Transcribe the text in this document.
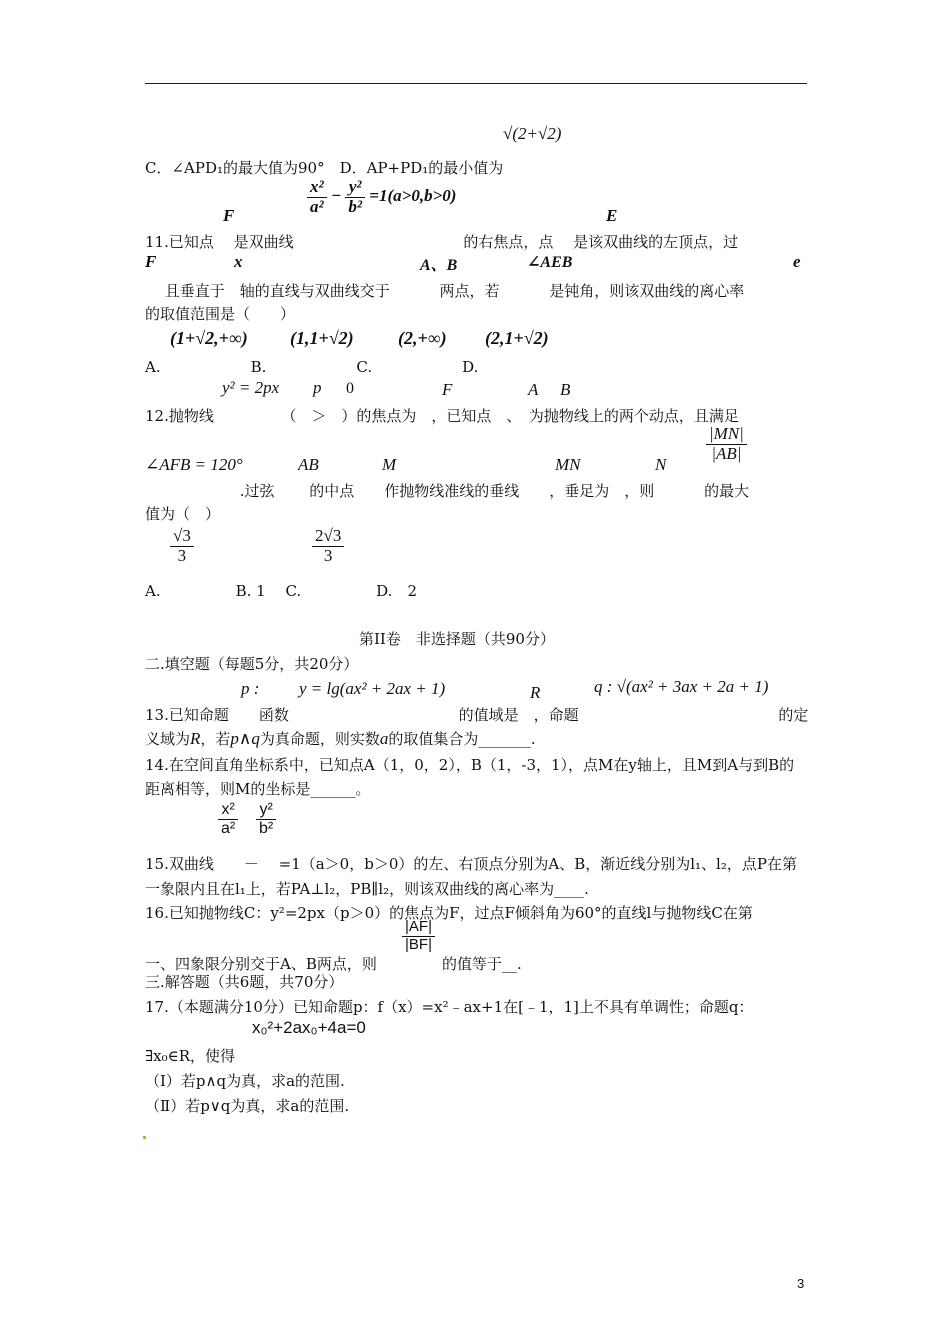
√(2+√2)
C．∠APD₁的最大值为90°　D．AP+PD₁的最小值为
$\frac{\text{x²}}{\text{a²}} - \frac{\text{y²}}{\text{b²}} =1(a>0,b>0)$
F	E
11.已知点　 是双曲线　　　　　　　　　　　 的右焦点，点　 是该双曲线的左顶点，过
F	x	A、B	∠AEB	e
　 且垂直于　轴的直线与双曲线交于　　　 两点，若　　　 是钝角，则该双曲线的离心率
的取值范围是（　　）
(1+√2,+∞) (1,1+√2) (2,+∞) (2,1+√2)
A.　　　　　　B.　　　　　　C.　　　　　　D.
y² = 2px p 0	F	A B
12.抛物线　　　　　（　＞　）的焦点为　，已知点　、　为抛物线上的两个动点，且满足
$\frac{|MN|}{|AB|}$
∠AFB = 120°	AB	M	MN	N
　　　　　　 .过弦　　 的中点　　作抛物线准线的垂线　　，垂足为　，则　　　 的最大
值为（　）
$\frac{√3}{3}$	$\frac{2√3}{3}$
A.　　　　　B. 1　 C.　　　　　D.　2
第II卷　非选择题（共90分）
二.填空题（每题5分，共20分）
p : y = lg(ax² + 2ax + 1)	R	q : √(ax² + 3ax + 2a + 1)
13.已知命题　　函数　　　　　　　　　　　 的值域是　，命题　　　　　　　　　　　　　 的定
义域为R，若p∧q为真命题，则实数a的取值集合为_______.
14.在空间直角坐标系中，已知点A（1，0，2），B（1，-3，1），点M在y轴上，且M到A与到B的
距离相等，则M的坐标是______。
$\frac{\text{x²}}{\text{a²}} \frac{\text{y²}}{\text{b²}}$
15.双曲线　　－　 =1（a＞0，b＞0）的左、右顶点分别为A、B，渐近线分别为l₁、l₂，点P在第
一象限内且在l₁上，若PA⊥l₂，PB∥l₂，则该双曲线的离心率为____.
16.已知抛物线C：y²=2px（p＞0）的焦点为F，过点F倾斜角为60°的直线l与抛物线C在第
一、四象限分别交于A、B两点，则
$\frac{|AF|}{|BF|}$
的值等于__.
三.解答题（共6题，共70分）
17.（本题满分10分）已知命题p：f（x）=x²﹣ax+1在[﹣1，1]上不具有单调性；命题q：
x₀²+2ax₀+4a=0
∃x₀∈R，使得
（Ⅰ）若p∧q为真，求a的范围.
（Ⅱ）若p∨q为真，求a的范围.
3
